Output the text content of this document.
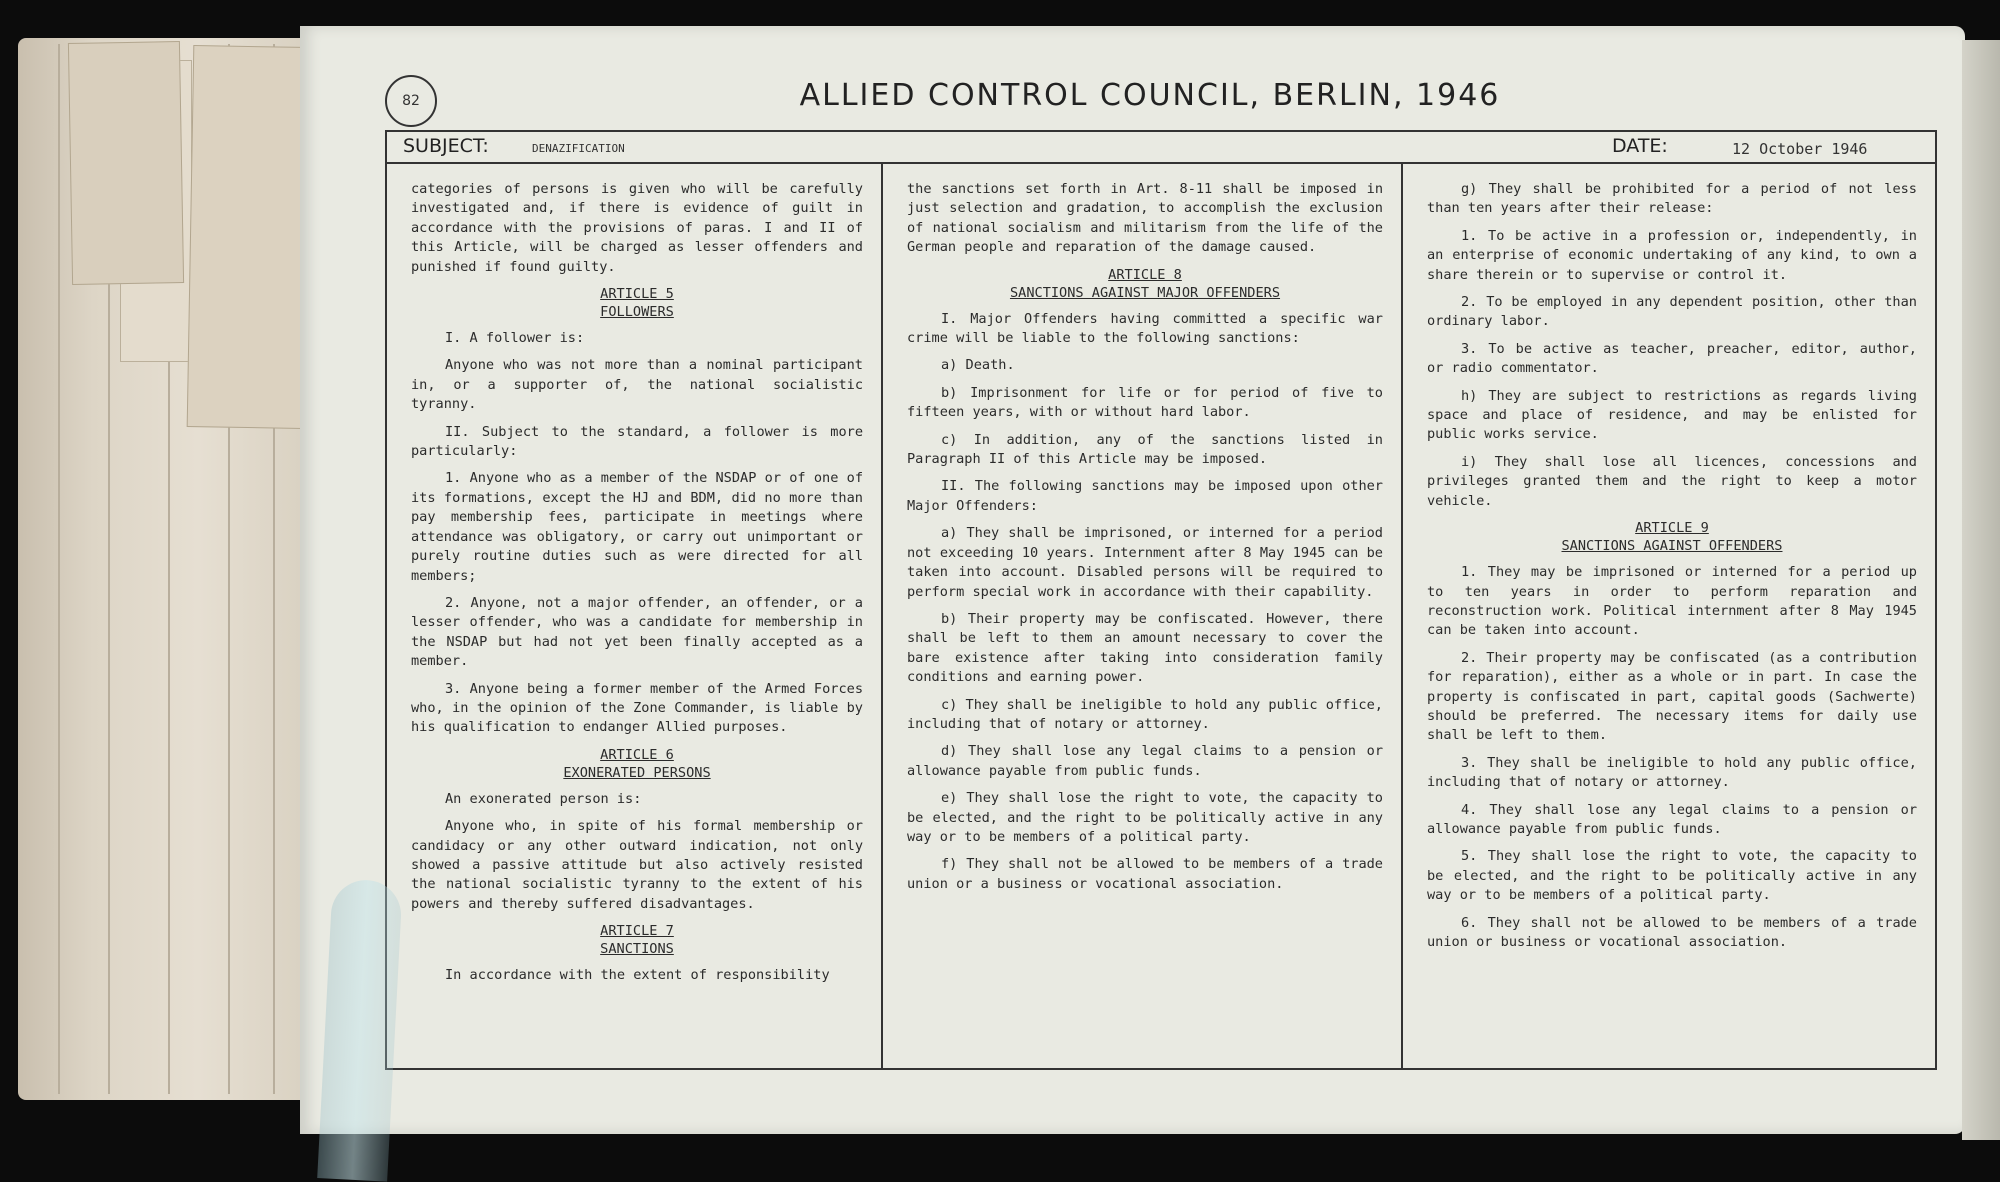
82	ALLIED CONTROL COUNCIL, BERLIN, 1946
SUBJECT:	DENAZIFICATION	DATE:	12 October 1946

categories of persons is given who will be carefully investigated and, if there is evidence of guilt in accordance with the provisions of paras. I and II of this Article, will be charged as lesser offenders and punished if found guilty.

ARTICLE 5
FOLLOWERS

I. A follower is:

Anyone who was not more than a nominal participant in, or a supporter of, the national socialistic tyranny.

II. Subject to the standard, a follower is more particularly:

1. Anyone who as a member of the NSDAP or of one of its formations, except the HJ and BDM, did no more than pay membership fees, participate in meetings where attendance was obligatory, or carry out unimportant or purely routine duties such as were directed for all members;

2. Anyone, not a major offender, an offender, or a lesser offender, who was a candidate for membership in the NSDAP but had not yet been finally accepted as a member.

3. Anyone being a former member of the Armed Forces who, in the opinion of the Zone Commander, is liable by his qualification to endanger Allied purposes.

ARTICLE 6
EXONERATED PERSONS

An exonerated person is:

Anyone who, in spite of his formal membership or candidacy or any other outward indication, not only showed a passive attitude but also actively resisted the national socialistic tyranny to the extent of his powers and thereby suffered disadvantages.

ARTICLE 7
SANCTIONS

In accordance with the extent of responsibility

the sanctions set forth in Art. 8-11 shall be imposed in just selection and gradation, to accomplish the exclusion of national socialism and militarism from the life of the German people and reparation of the damage caused.

ARTICLE 8
SANCTIONS AGAINST MAJOR OFFENDERS

I. Major Offenders having committed a specific war crime will be liable to the following sanctions:

a) Death.

b) Imprisonment for life or for period of five to fifteen years, with or without hard labor.

c) In addition, any of the sanctions listed in Paragraph II of this Article may be imposed.

II. The following sanctions may be imposed upon other Major Offenders:

a) They shall be imprisoned, or interned for a period not exceeding 10 years. Internment after 8 May 1945 can be taken into account. Disabled persons will be required to perform special work in accordance with their capability.

b) Their property may be confiscated. However, there shall be left to them an amount necessary to cover the bare existence after taking into consideration family conditions and earning power.

c) They shall be ineligible to hold any public office, including that of notary or attorney.

d) They shall lose any legal claims to a pension or allowance payable from public funds.

e) They shall lose the right to vote, the capacity to be elected, and the right to be politically active in any way or to be members of a political party.

f) They shall not be allowed to be members of a trade union or a business or vocational association.

g) They shall be prohibited for a period of not less than ten years after their release:

1. To be active in a profession or, independently, in an enterprise of economic undertaking of any kind, to own a share therein or to supervise or control it.

2. To be employed in any dependent position, other than ordinary labor.

3. To be active as teacher, preacher, editor, author, or radio commentator.

h) They are subject to restrictions as regards living space and place of residence, and may be enlisted for public works service.

i) They shall lose all licences, concessions and privileges granted them and the right to keep a motor vehicle.

ARTICLE 9
SANCTIONS AGAINST OFFENDERS

1. They may be imprisoned or interned for a period up to ten years in order to perform reparation and reconstruction work. Political internment after 8 May 1945 can be taken into account.

2. Their property may be confiscated (as a contribution for reparation), either as a whole or in part. In case the property is confiscated in part, capital goods (Sachwerte) should be preferred. The necessary items for daily use shall be left to them.

3. They shall be ineligible to hold any public office, including that of notary or attorney.

4. They shall lose any legal claims to a pension or allowance payable from public funds.

5. They shall lose the right to vote, the capacity to be elected, and the right to be politically active in any way or to be members of a political party.

6. They shall not be allowed to be members of a trade union or business or vocational association.
